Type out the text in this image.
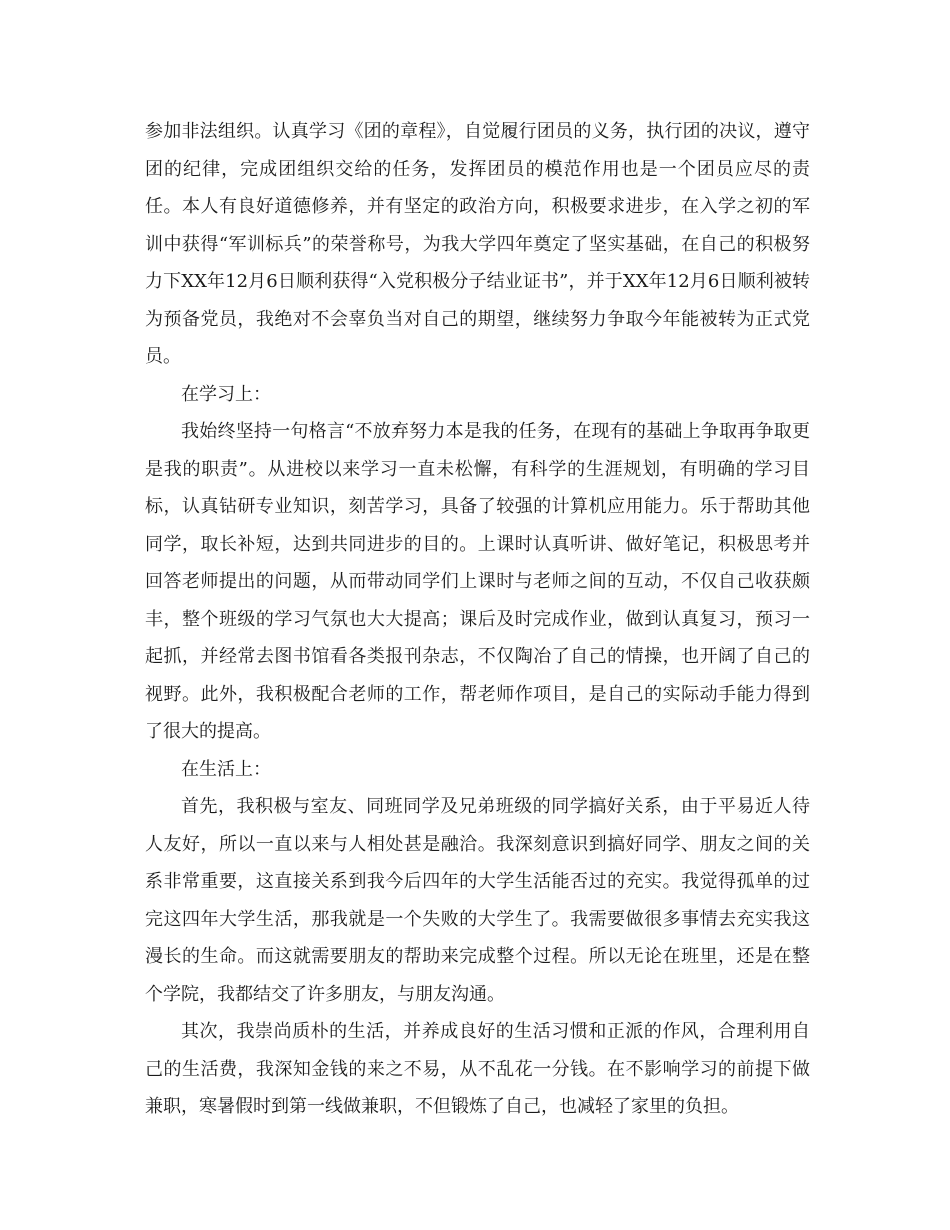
参加非法组织。认真学习《团的章程》，自觉履行团员的义务，执行团的决议，遵守团的纪律，完成团组织交给的任务，发挥团员的模范作用也是一个团员应尽的责任。本人有良好道德修养，并有坚定的政治方向，积极要求进步，在入学之初的军训中获得“军训标兵”的荣誉称号，为我大学四年奠定了坚实基础，在自己的积极努力下XX年12月6日顺利获得“入党积极分子结业证书”，并于XX年12月6日顺利被转为预备党员，我绝对不会辜负当对自己的期望，继续努力争取今年能被转为正式党员。

在学习上：

我始终坚持一句格言“不放弃努力本是我的任务，在现有的基础上争取再争取更是我的职责”。从进校以来学习一直未松懈，有科学的生涯规划，有明确的学习目标，认真钻研专业知识，刻苦学习，具备了较强的计算机应用能力。乐于帮助其他同学，取长补短，达到共同进步的目的。上课时认真听讲、做好笔记，积极思考并回答老师提出的问题，从而带动同学们上课时与老师之间的互动，不仅自己收获颇丰，整个班级的学习气氛也大大提高；课后及时完成作业，做到认真复习，预习一起抓，并经常去图书馆看各类报刊杂志，不仅陶冶了自己的情操，也开阔了自己的视野。此外，我积极配合老师的工作，帮老师作项目，是自己的实际动手能力得到了很大的提高。

在生活上：

首先，我积极与室友、同班同学及兄弟班级的同学搞好关系，由于平易近人待人友好，所以一直以来与人相处甚是融洽。我深刻意识到搞好同学、朋友之间的关系非常重要，这直接关系到我今后四年的大学生活能否过的充实。我觉得孤单的过完这四年大学生活，那我就是一个失败的大学生了。我需要做很多事情去充实我这漫长的生命。而这就需要朋友的帮助来完成整个过程。所以无论在班里，还是在整个学院，我都结交了许多朋友，与朋友沟通。

其次，我崇尚质朴的生活，并养成良好的生活习惯和正派的作风，合理利用自己的生活费，我深知金钱的来之不易，从不乱花一分钱。在不影响学习的前提下做兼职，寒暑假时到第一线做兼职，不但锻炼了自己，也减轻了家里的负担。
